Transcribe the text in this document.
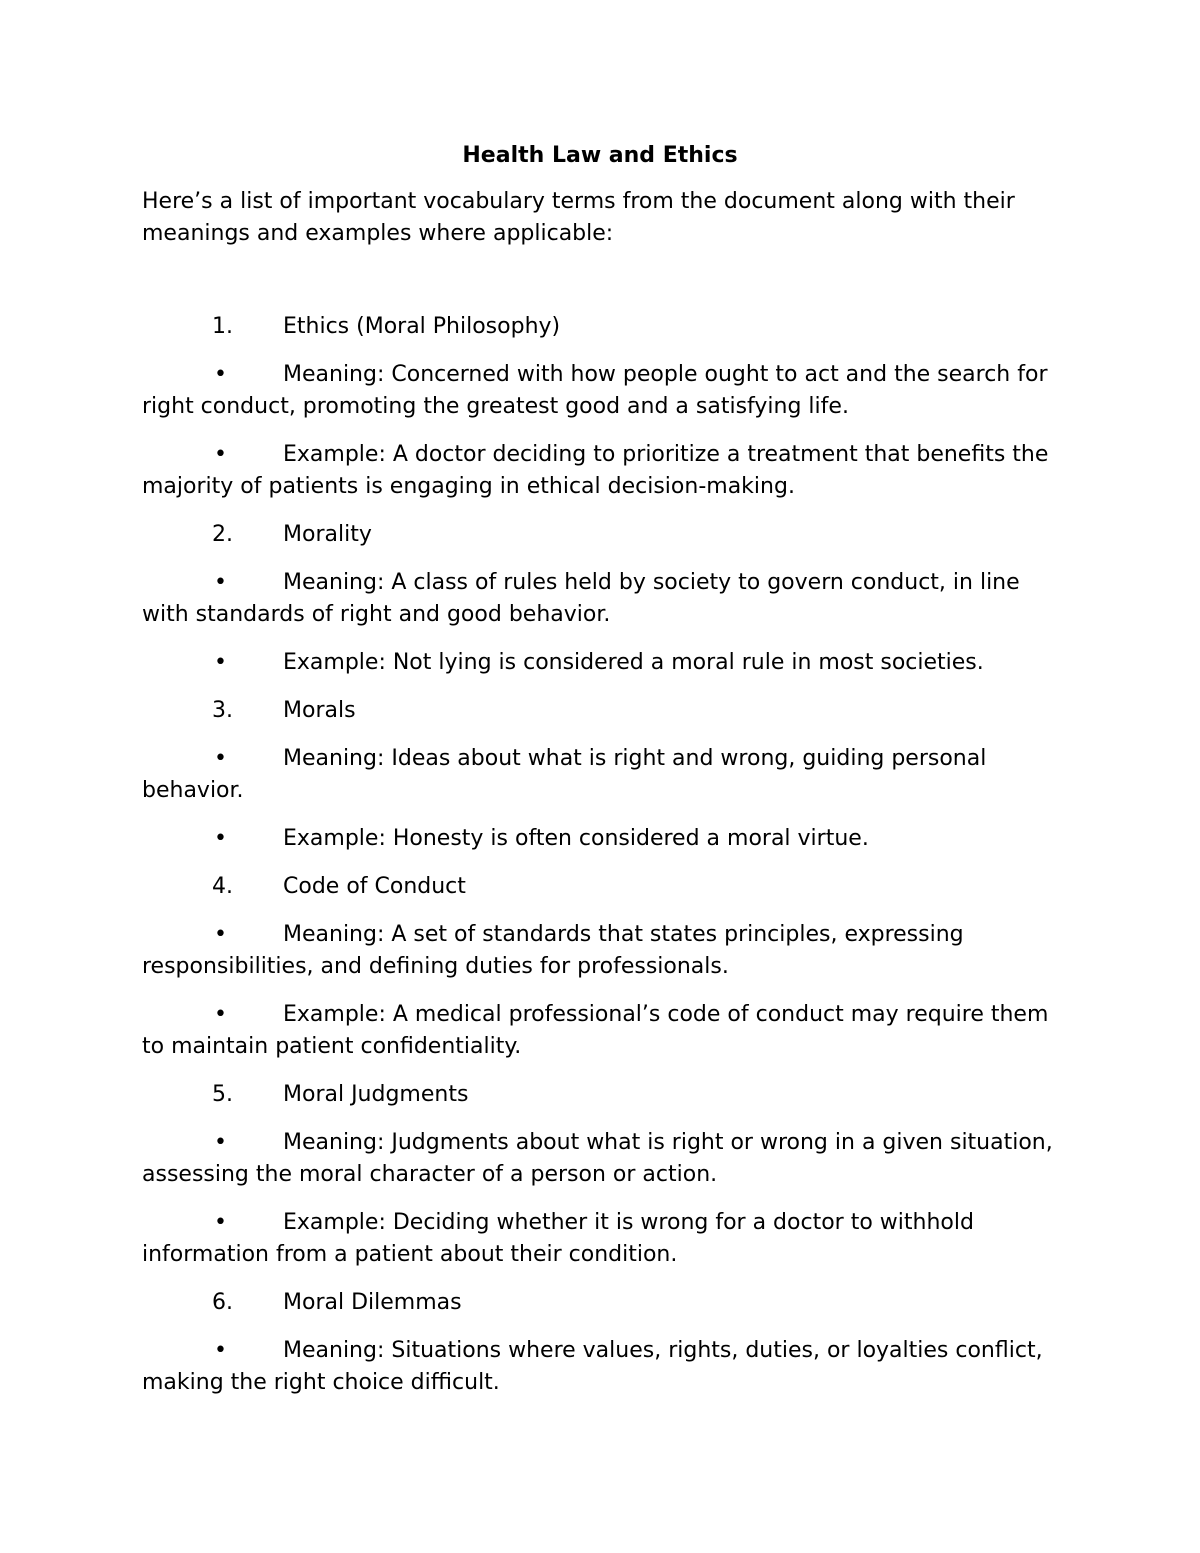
Health Law and Ethics

Here’s a list of important vocabulary terms from the document along with their meanings and examples where applicable:

1. Ethics (Moral Philosophy)

•	Meaning: Concerned with how people ought to act and the search for right conduct, promoting the greatest good and a satisfying life.

•	Example: A doctor deciding to prioritize a treatment that benefits the majority of patients is engaging in ethical decision-making.

2. Morality

•	Meaning: A class of rules held by society to govern conduct, in line with standards of right and good behavior.

•	Example: Not lying is considered a moral rule in most societies.

3. Morals

•	Meaning: Ideas about what is right and wrong, guiding personal behavior.

•	Example: Honesty is often considered a moral virtue.

4. Code of Conduct

•	Meaning: A set of standards that states principles, expressing responsibilities, and defining duties for professionals.

•	Example: A medical professional’s code of conduct may require them to maintain patient confidentiality.

5. Moral Judgments

•	Meaning: Judgments about what is right or wrong in a given situation, assessing the moral character of a person or action.

•	Example: Deciding whether it is wrong for a doctor to withhold information from a patient about their condition.

6. Moral Dilemmas

•	Meaning: Situations where values, rights, duties, or loyalties conflict, making the right choice difficult.
